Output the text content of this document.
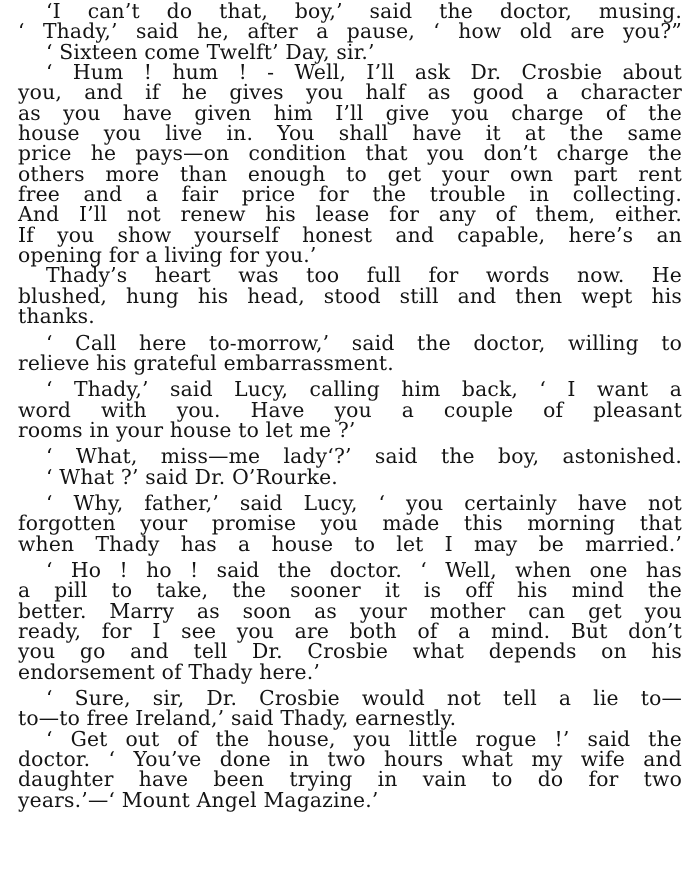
‘I can’t do that, boy,’ said the doctor, musing.
‘ Thady,’ said he, after a pause, ‘ how old are you?”
‘ Sixteen come Twelft’ Day, sir.’
‘ Hum ! hum ! - Well, I’ll ask Dr. Crosbie about
you, and if he gives you half as good a character
as you have given him I’ll give you charge of the
house you live in. You shall have it at the same
price he pays—on condition that you don’t charge the
others more than enough to get your own part rent
free and a fair price for the trouble in collecting.
And I’ll not renew his lease for any of them, either.
If you show yourself honest and capable, here’s an
opening for a living for you.’
Thady’s heart was too full for words now. He
blushed, hung his head, stood still and then wept his
thanks.
‘ Call here to-morrow,’ said the doctor, willing to
relieve his grateful embarrassment.
‘ Thady,’ said Lucy, calling him back, ‘ I want a
word with you. Have you a couple of pleasant
rooms in your house to let me ?’
‘ What, miss—me lady‘?’ said the boy, astonished.
‘ What ?’ said Dr. O’Rourke.
‘ Why, father,’ said Lucy, ‘ you certainly have not
forgotten your promise you made this morning that
when Thady has a house to let I may be married.’
‘ Ho ! ho ! said the doctor. ‘ Well, when one has
a pill to take, the sooner it is off his mind the
better. Marry as soon as your mother can get you
ready, for I see you are both of a mind. But don’t
you go and tell Dr. Crosbie what depends on his
endorsement of Thady here.’
‘ Sure, sir, Dr. Crosbie would not tell a lie to—
to—to free Ireland,’ said Thady, earnestly.
‘ Get out of the house, you little rogue !’ said the
doctor. ‘ You’ve done in two hours what my wife and
daughter have been trying in vain to do for two
years.’—‘ Mount Angel Magazine.’
